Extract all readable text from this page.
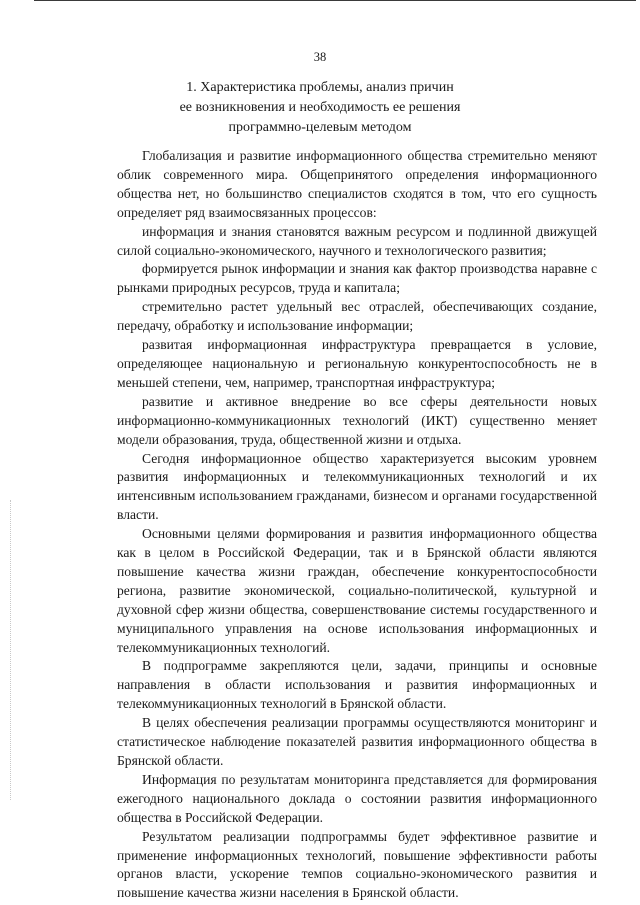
38
1. Характеристика проблемы, анализ причин
ее возникновения и необходимость ее решения
программно-целевым методом

Глобализация и развитие информационного общества стремительно меняют облик современного мира. Общепринятого определения информационного общества нет, но большинство специалистов сходятся в том, что его сущность определяет ряд взаимосвязанных процессов:

информация и знания становятся важным ресурсом и подлинной движущей силой социально-экономического, научного и технологического развития;

формируется рынок информации и знания как фактор производства наравне с рынками природных ресурсов, труда и капитала;

стремительно растет удельный вес отраслей, обеспечивающих создание, передачу, обработку и использование информации;

развитая информационная инфраструктура превращается в условие, определяющее национальную и региональную конкурентоспособность не в меньшей степени, чем, например, транспортная инфраструктура;

развитие и активное внедрение во все сферы деятельности новых информационно-коммуникационных технологий (ИКТ) существенно меняет модели образования, труда, общественной жизни и отдыха.

Сегодня информационное общество характеризуется высоким уровнем развития информационных и телекоммуникационных технологий и их интенсивным использованием гражданами, бизнесом и органами государственной власти.

Основными целями формирования и развития информационного общества как в целом в Российской Федерации, так и в Брянской области являются повышение качества жизни граждан, обеспечение конкурентоспособности региона, развитие экономической, социально-политической, культурной и духовной сфер жизни общества, совершенствование системы государственного и муниципального управления на основе использования информационных и телекоммуникационных технологий.

В подпрограмме закрепляются цели, задачи, принципы и основные направления в области использования и развития информационных и телекоммуникационных технологий в Брянской области.

В целях обеспечения реализации программы осуществляются мониторинг и статистическое наблюдение показателей развития информационного общества в Брянской области.

Информация по результатам мониторинга представляется для формирования ежегодного национального доклада о состоянии развития информационного общества в Российской Федерации.

Результатом реализации подпрограммы будет эффективное развитие и применение информационных технологий, повышение эффективности работы органов власти, ускорение темпов социально-экономического развития и повышение качества жизни населения в Брянской области.
